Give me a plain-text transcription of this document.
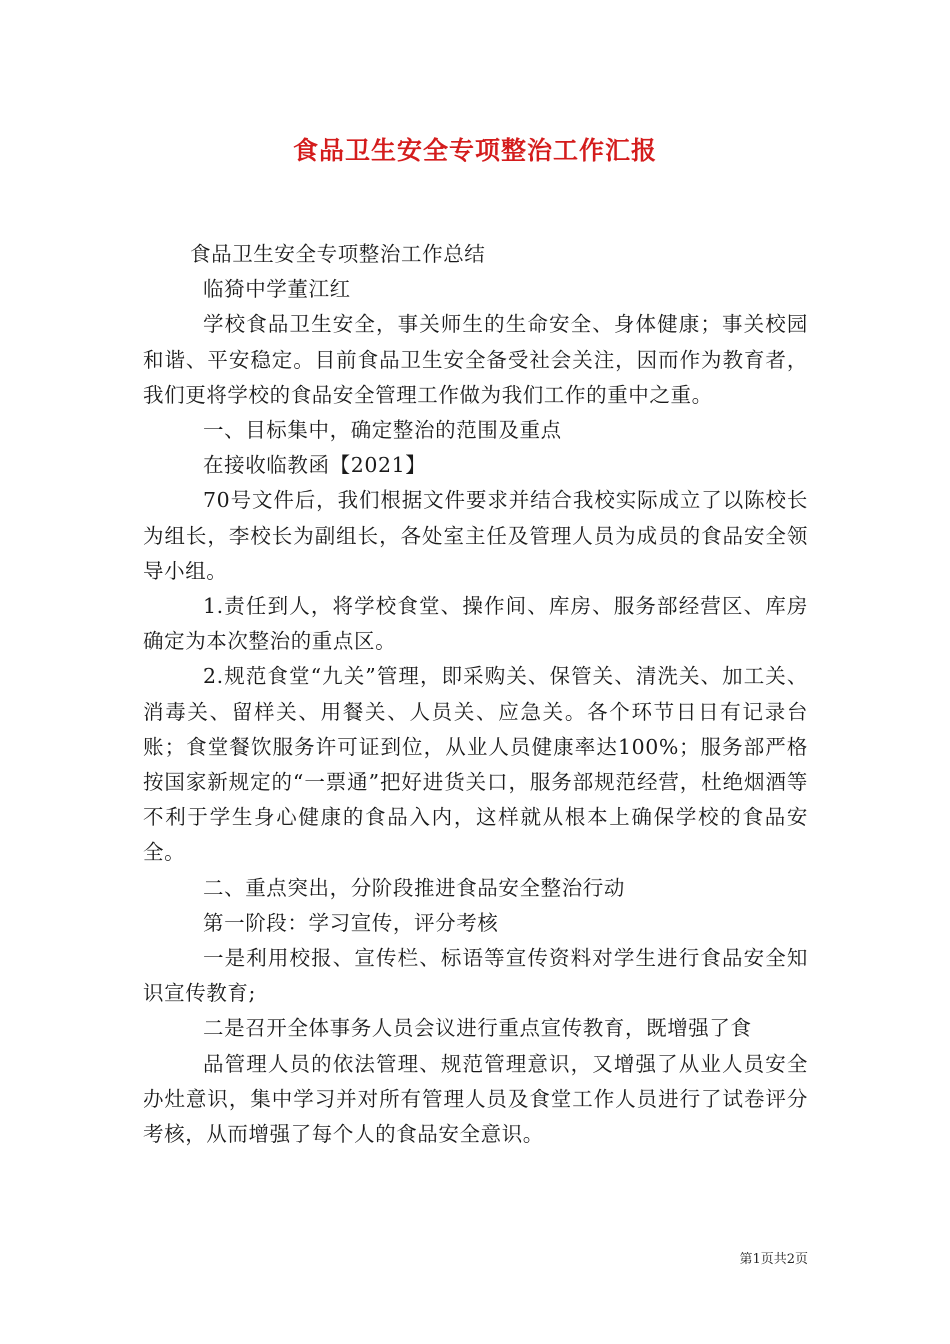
食品卫生安全专项整治工作汇报

食品卫生安全专项整治工作总结

临猗中学董江红

学校食品卫生安全，事关师生的生命安全、身体健康；事关校园和谐、平安稳定。目前食品卫生安全备受社会关注，因而作为教育者，我们更将学校的食品安全管理工作做为我们工作的重中之重。

一、目标集中，确定整治的范围及重点

在接收临教函【2021】

70号文件后，我们根据文件要求并结合我校实际成立了以陈校长为组长，李校长为副组长，各处室主任及管理人员为成员的食品安全领导小组。

1.责任到人，将学校食堂、操作间、库房、服务部经营区、库房确定为本次整治的重点区。

2.规范食堂“九关”管理，即采购关、保管关、清洗关、加工关、消毒关、留样关、用餐关、人员关、应急关。各个环节日日有记录台账；食堂餐饮服务许可证到位，从业人员健康率达100%；服务部严格按国家新规定的“一票通”把好进货关口，服务部规范经营，杜绝烟酒等不利于学生身心健康的食品入内，这样就从根本上确保学校的食品安全。

二、重点突出，分阶段推进食品安全整治行动

第一阶段：学习宣传，评分考核

一是利用校报、宣传栏、标语等宣传资料对学生进行食品安全知识宣传教育;

二是召开全体事务人员会议进行重点宣传教育，既增强了食

品管理人员的依法管理、规范管理意识，又增强了从业人员安全办灶意识，集中学习并对所有管理人员及食堂工作人员进行了试卷评分考核，从而增强了每个人的食品安全意识。

第1页共2页
